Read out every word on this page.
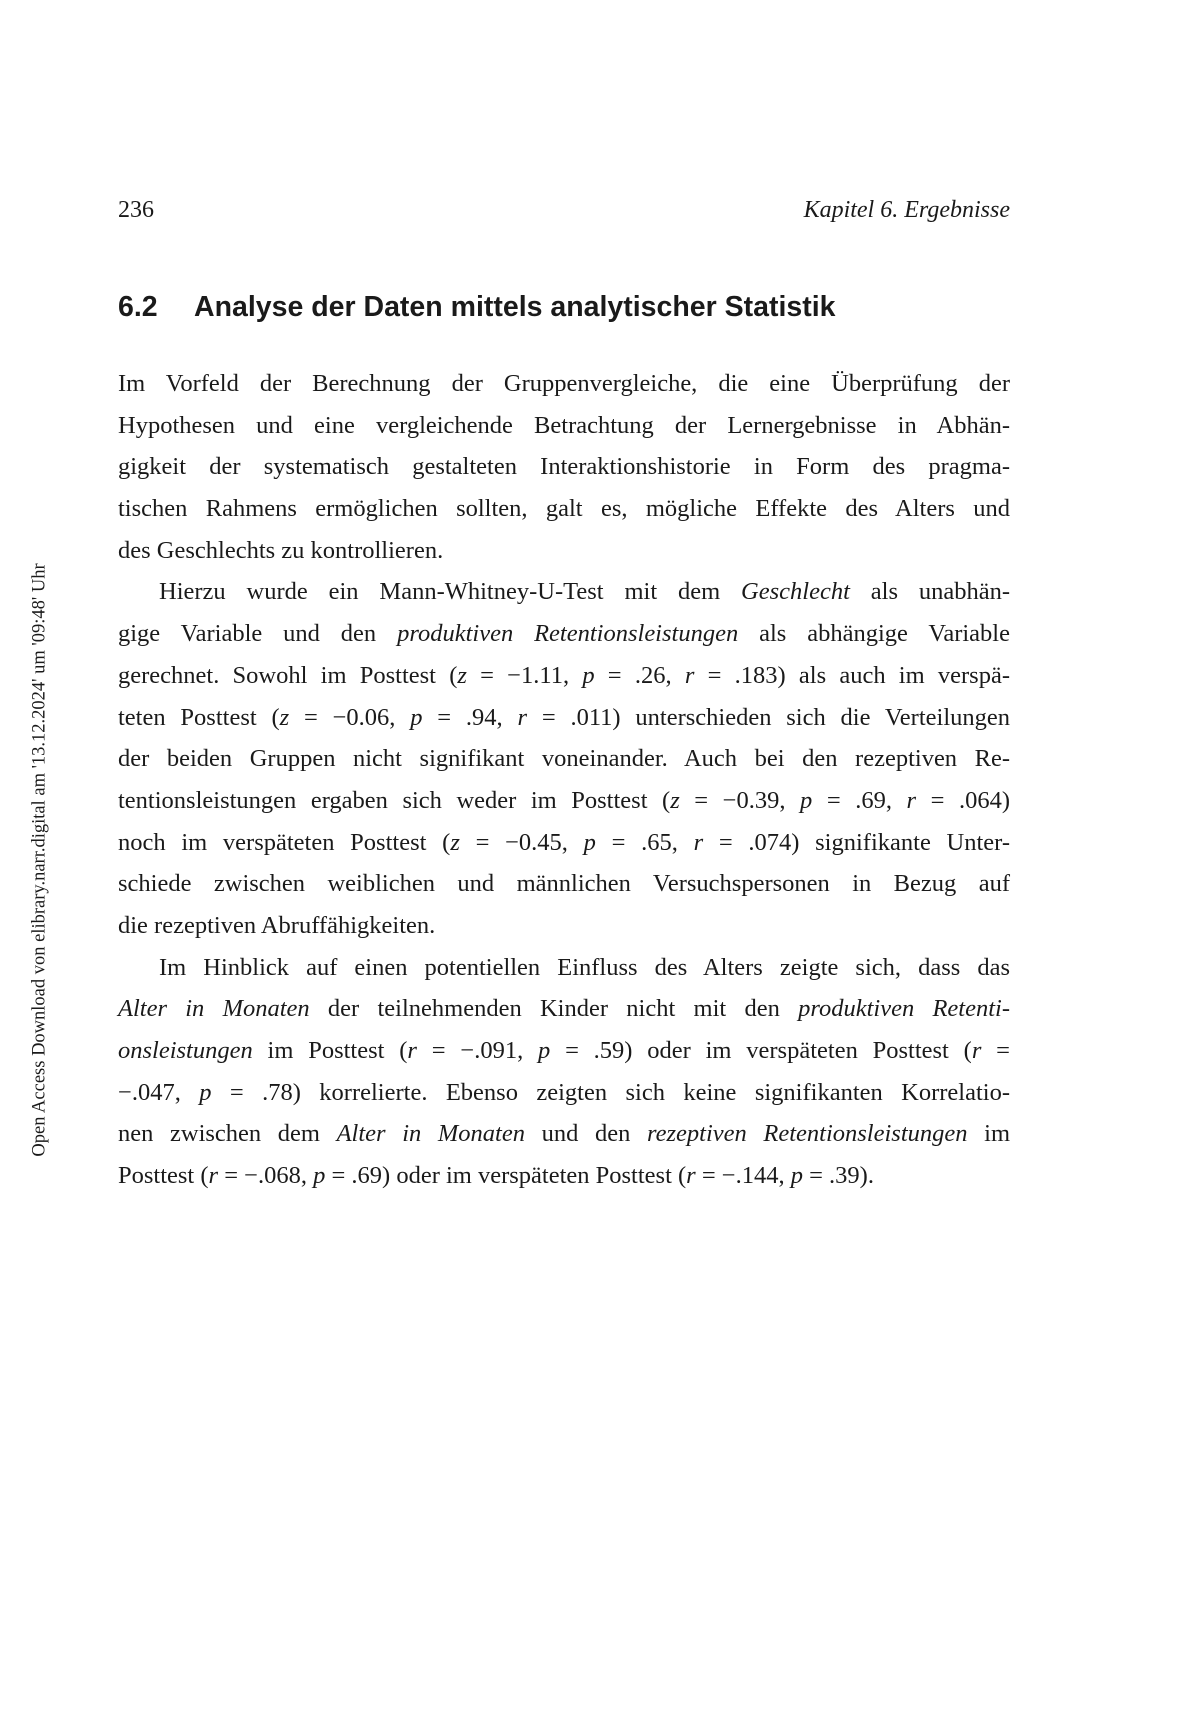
Open Access Download von elibrary.narr.digital am '13.12.2024' um '09:48' Uhr
236	Kapitel 6. Ergebnisse
6.2 Analyse der Daten mittels analytischer Statistik
Im Vorfeld der Berechnung der Gruppenvergleiche, die eine Überprüfung der
Hypothesen und eine vergleichende Betrachtung der Lernergebnisse in Abhän-
gigkeit der systematisch gestalteten Interaktionshistorie in Form des pragma-
tischen Rahmens ermöglichen sollten, galt es, mögliche Effekte des Alters und
des Geschlechts zu kontrollieren.
Hierzu wurde ein Mann-Whitney-U-Test mit dem Geschlecht als unabhän-
gige Variable und den produktiven Retentionsleistungen als abhängige Variable
gerechnet. Sowohl im Posttest (z = −1.11, p = .26, r = .183) als auch im verspä-
teten Posttest (z = −0.06, p = .94, r = .011) unterschieden sich die Verteilungen
der beiden Gruppen nicht signifikant voneinander. Auch bei den rezeptiven Re-
tentionsleistungen ergaben sich weder im Posttest (z = −0.39, p = .69, r = .064)
noch im verspäteten Posttest (z = −0.45, p = .65, r = .074) signifikante Unter-
schiede zwischen weiblichen und männlichen Versuchspersonen in Bezug auf
die rezeptiven Abruffähigkeiten.
Im Hinblick auf einen potentiellen Einfluss des Alters zeigte sich, dass das
Alter in Monaten der teilnehmenden Kinder nicht mit den produktiven Retenti-
onsleistungen im Posttest (r = −.091, p = .59) oder im verspäteten Posttest (r =
−.047, p = .78) korrelierte. Ebenso zeigten sich keine signifikanten Korrelatio-
nen zwischen dem Alter in Monaten und den rezeptiven Retentionsleistungen im
Posttest (r = −.068, p = .69) oder im verspäteten Posttest (r = −.144, p = .39).
